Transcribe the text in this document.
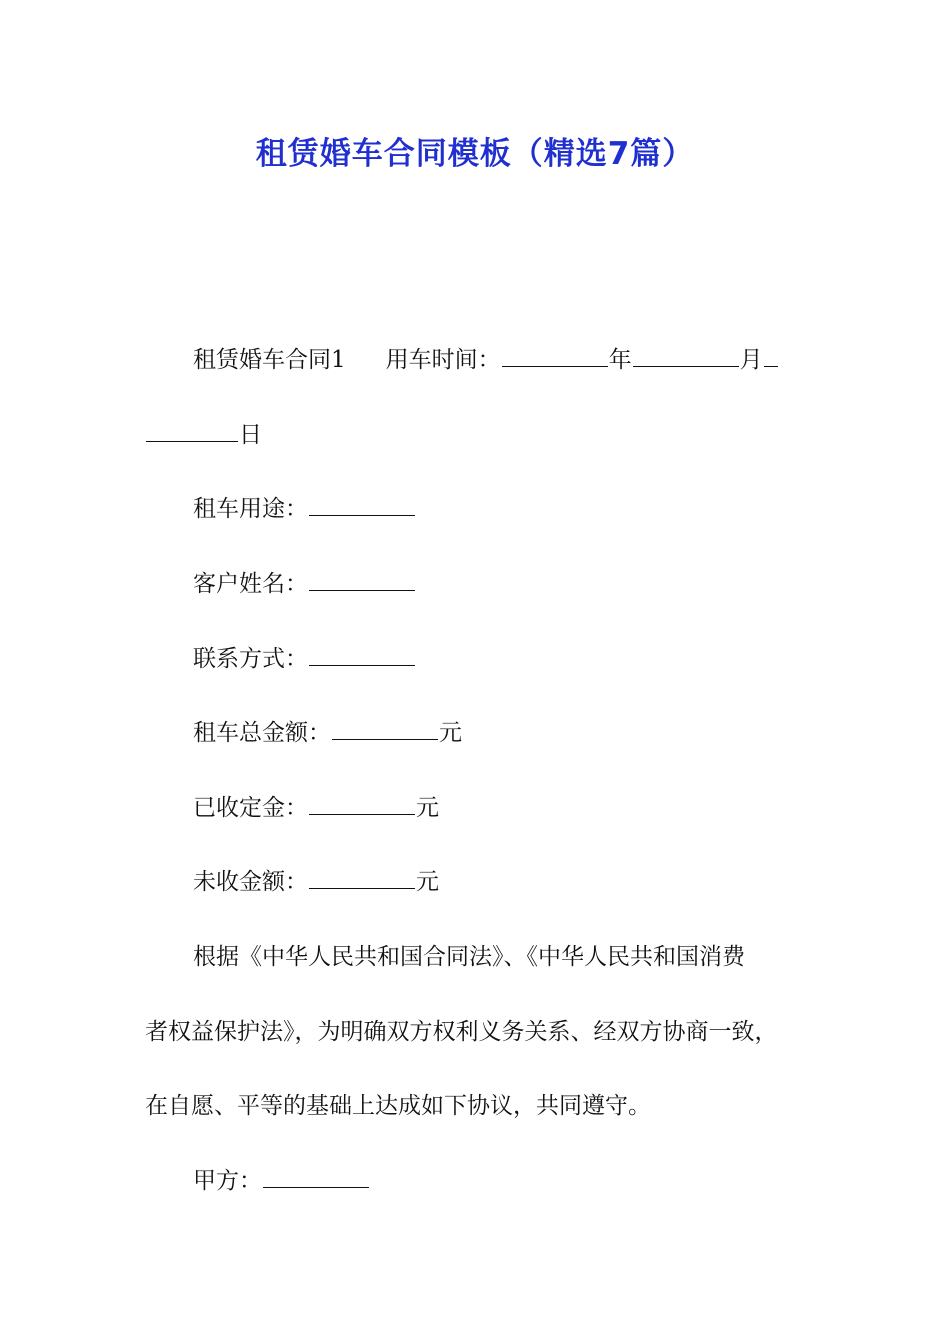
租赁婚车合同模板（精选7篇）
租赁婚车合同1 用车时间：	年	月
日
租车用途：
客户姓名：
联系方式：
租车总金额：	元
已收定金：	元
未收金额：	元
根据《中华人民共和国合同法》、《中华人民共和国消费
者权益保护法》，为明确双方权利义务关系、经双方协商一致，
在自愿、平等的基础上达成如下协议，共同遵守。
甲方：
